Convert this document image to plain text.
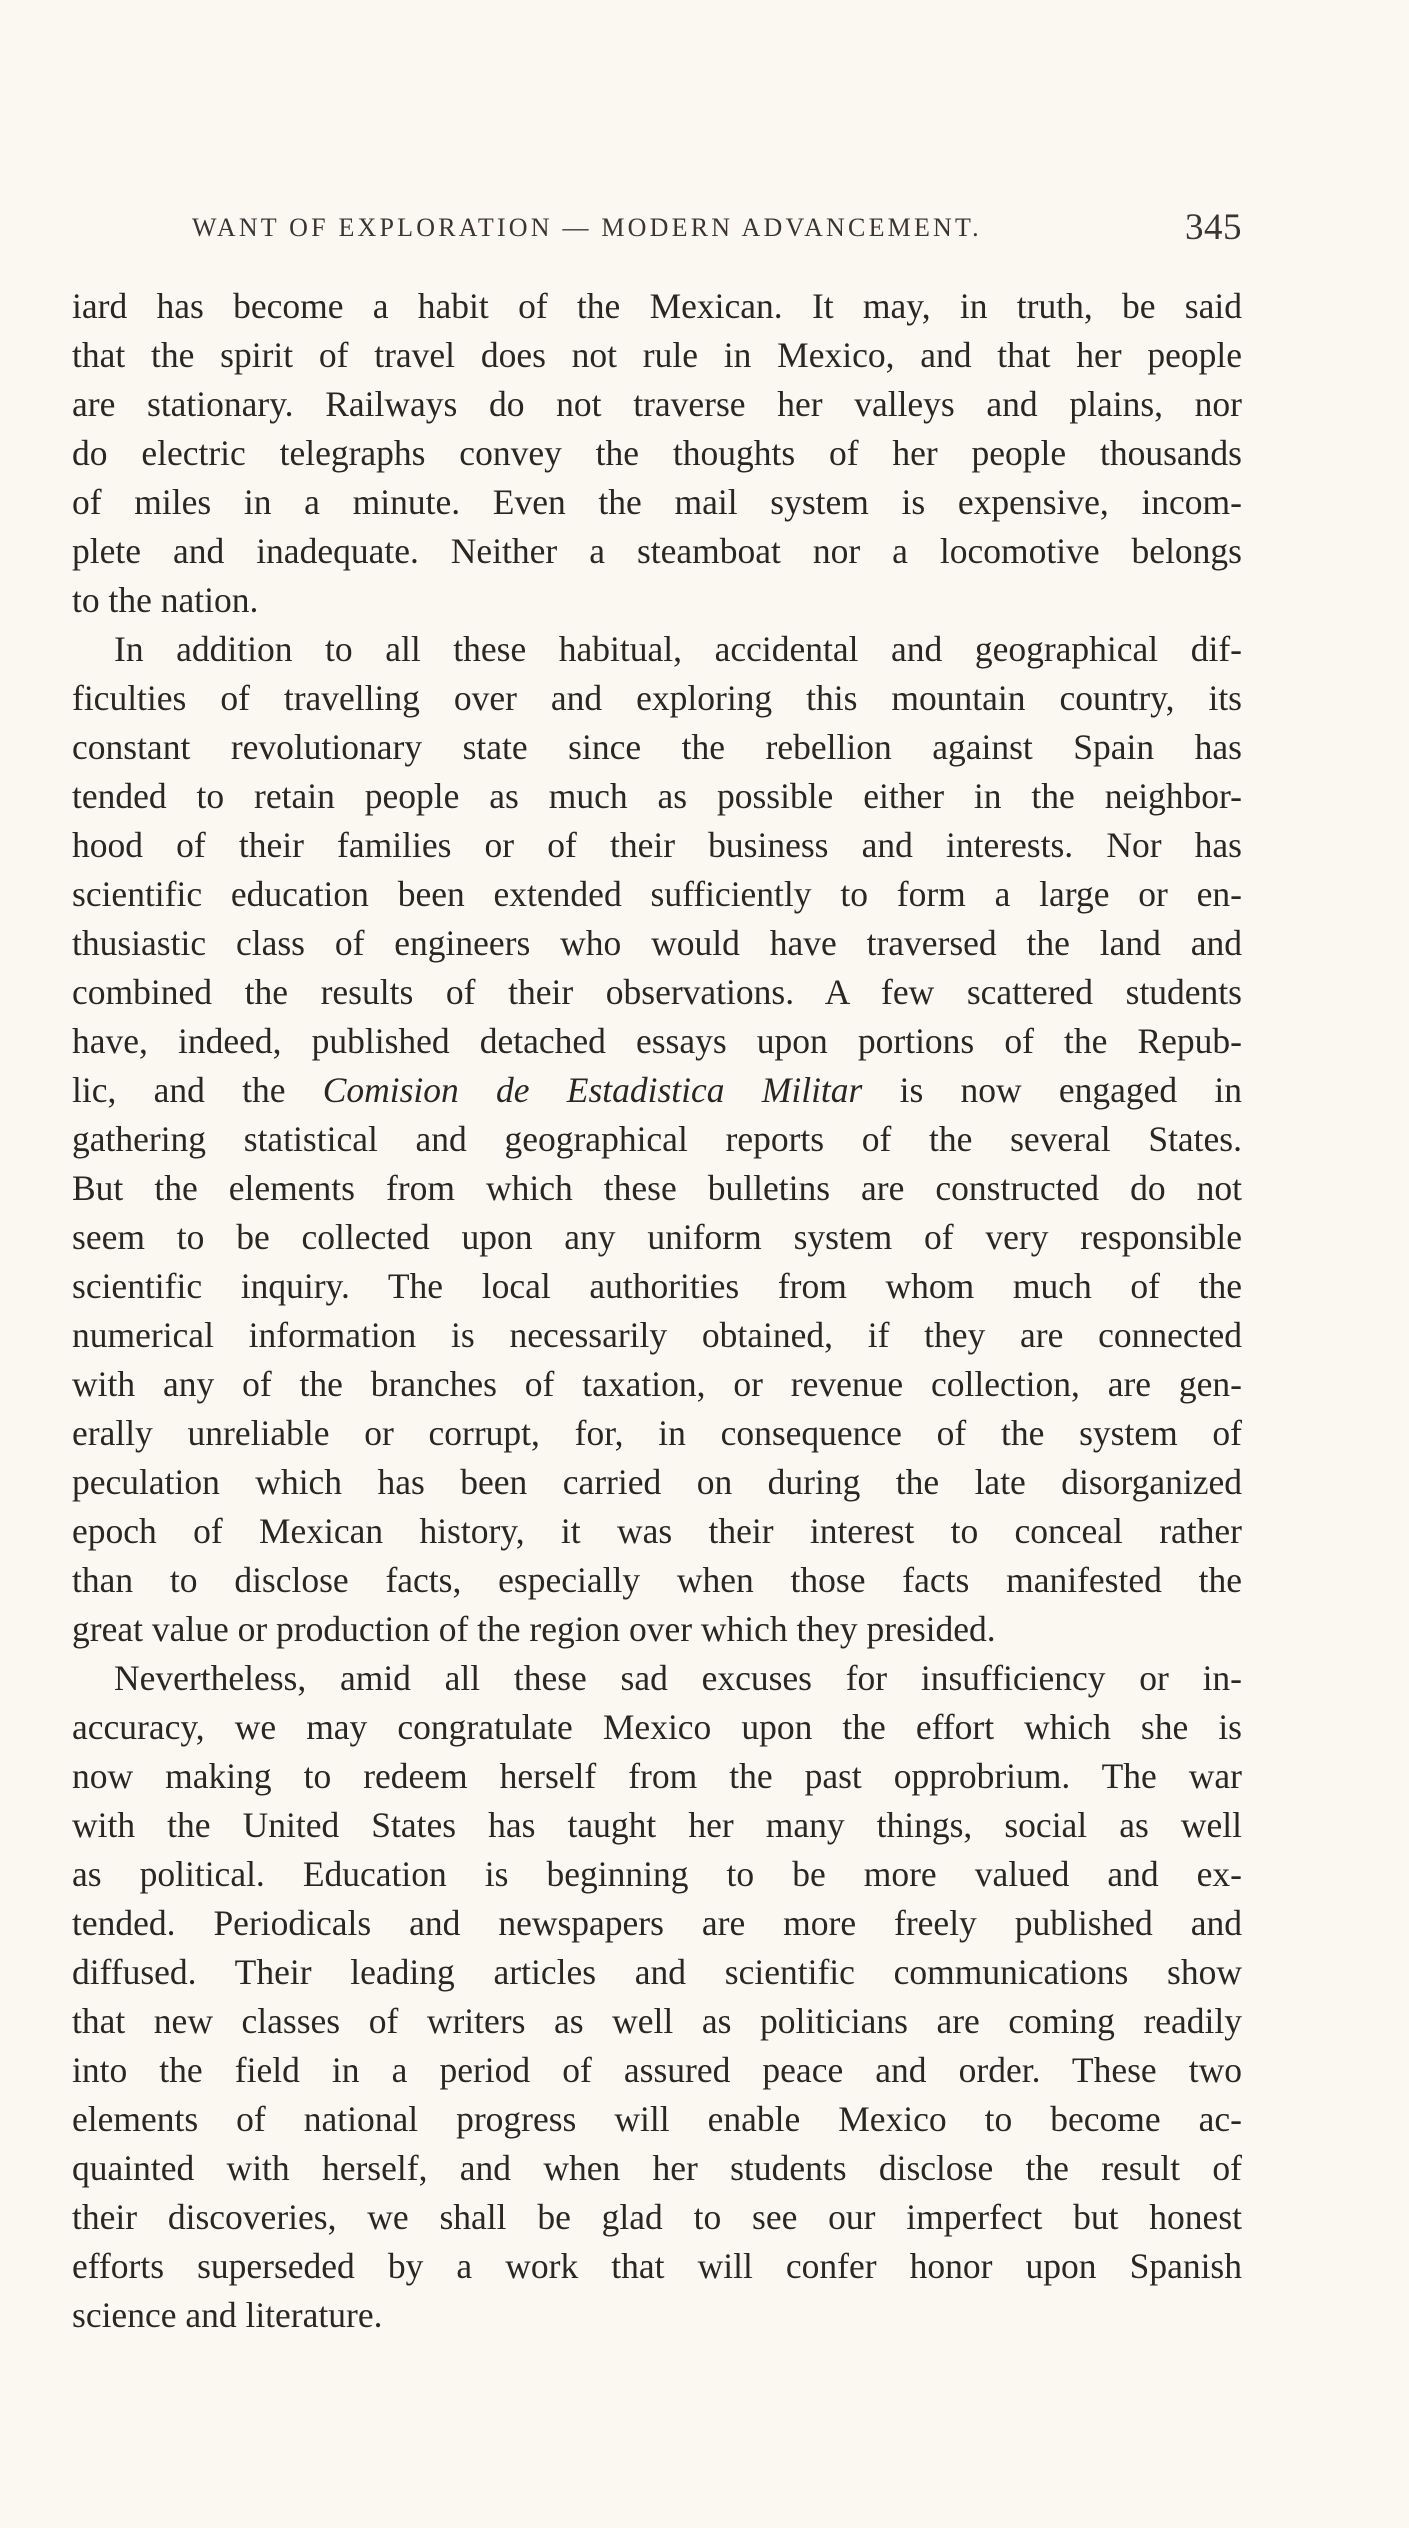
WANT OF EXPLORATION — MODERN ADVANCEMENT.	345

iard has become a habit of the Mexican. It may, in truth, be said

that the spirit of travel does not rule in Mexico, and that her people

are stationary. Railways do not traverse her valleys and plains, nor

do electric telegraphs convey the thoughts of her people thousands

of miles in a minute. Even the mail system is expensive, incom-

plete and inadequate. Neither a steamboat nor a locomotive belongs

to the nation.

In addition to all these habitual, accidental and geographical dif-

ficulties of travelling over and exploring this mountain country, its

constant revolutionary state since the rebellion against Spain has

tended to retain people as much as possible either in the neighbor-

hood of their families or of their business and interests. Nor has

scientific education been extended sufficiently to form a large or en-

thusiastic class of engineers who would have traversed the land and

combined the results of their observations. A few scattered students

have, indeed, published detached essays upon portions of the Repub-

lic, and the Comision de Estadistica Militar is now engaged in

gathering statistical and geographical reports of the several States.

But the elements from which these bulletins are constructed do not

seem to be collected upon any uniform system of very responsible

scientific inquiry. The local authorities from whom much of the

numerical information is necessarily obtained, if they are connected

with any of the branches of taxation, or revenue collection, are gen-

erally unreliable or corrupt, for, in consequence of the system of

peculation which has been carried on during the late disorganized

epoch of Mexican history, it was their interest to conceal rather

than to disclose facts, especially when those facts manifested the

great value or production of the region over which they presided.

Nevertheless, amid all these sad excuses for insufficiency or in-

accuracy, we may congratulate Mexico upon the effort which she is

now making to redeem herself from the past opprobrium. The war

with the United States has taught her many things, social as well

as political. Education is beginning to be more valued and ex-

tended. Periodicals and newspapers are more freely published and

diffused. Their leading articles and scientific communications show

that new classes of writers as well as politicians are coming readily

into the field in a period of assured peace and order. These two

elements of national progress will enable Mexico to become ac-

quainted with herself, and when her students disclose the result of

their discoveries, we shall be glad to see our imperfect but honest

efforts superseded by a work that will confer honor upon Spanish

science and literature.
